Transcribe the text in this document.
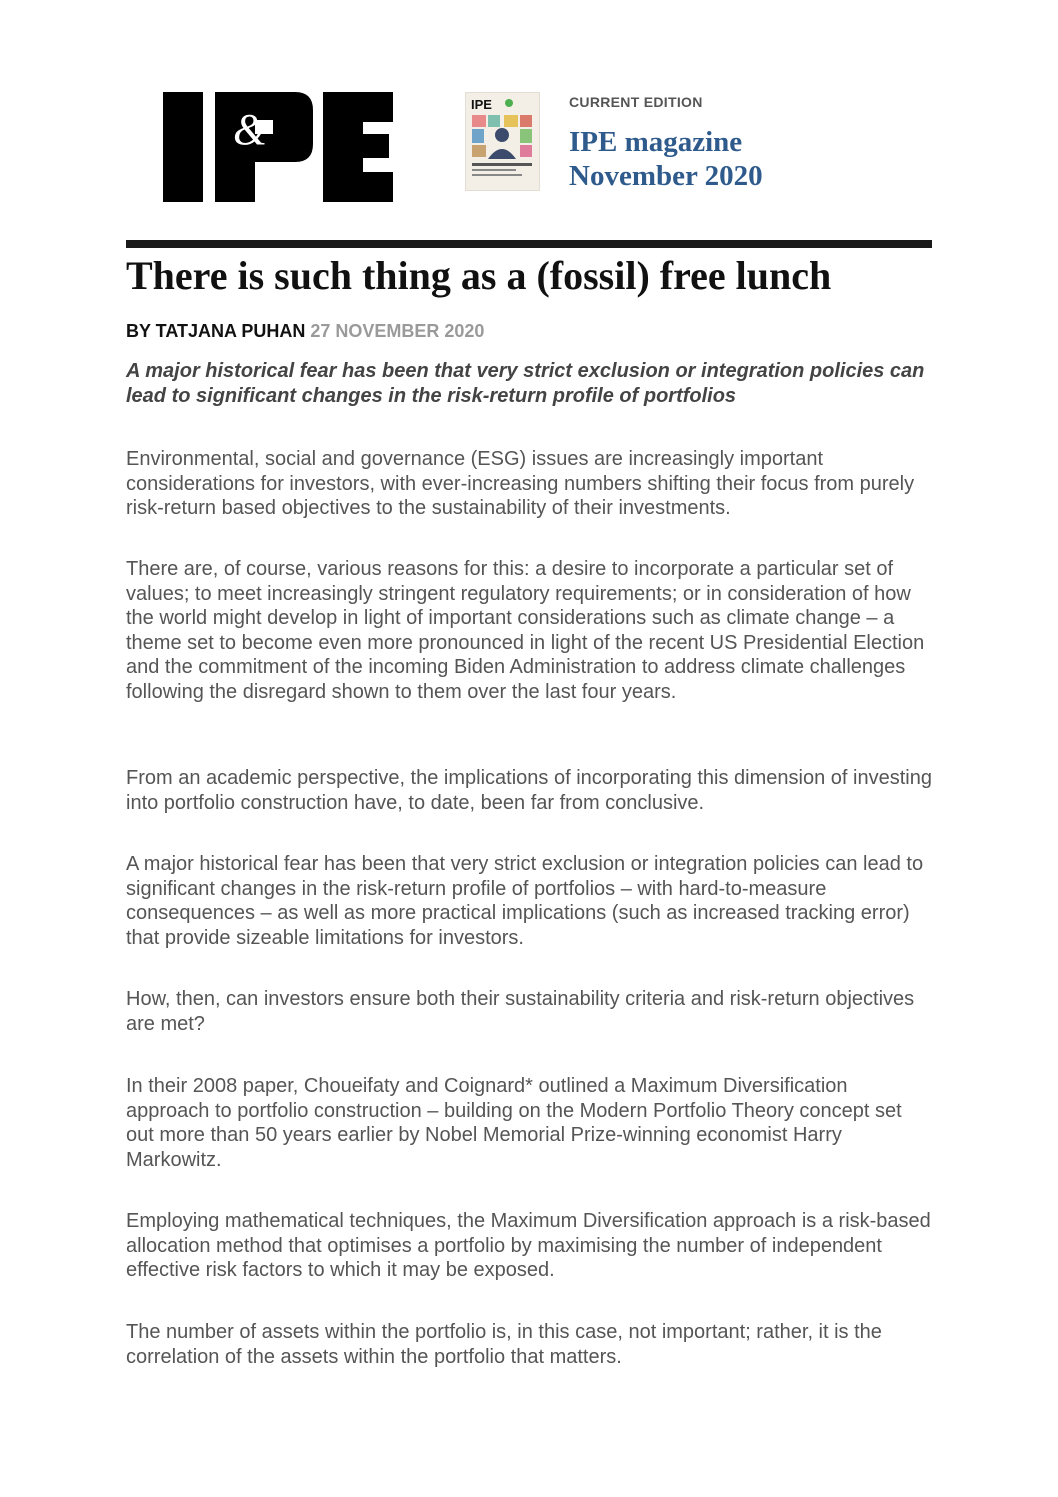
&
IPE	CURRENT EDITION
IPE magazine
November 2020
There is such thing as a (fossil) free lunch
BY TATJANA PUHAN 27 NOVEMBER 2020

A major historical fear has been that very strict exclusion or integration policies can lead to significant changes in the risk-return profile of portfolios

Environmental, social and governance (ESG) issues are increasingly important considerations for investors, with ever-increasing numbers shifting their focus from purely risk-return based objectives to the sustainability of their investments.

There are, of course, various reasons for this: a desire to incorporate a particular set of values; to meet increasingly stringent regulatory requirements; or in consideration of how the world might develop in light of important considerations such as climate change – a theme set to become even more pronounced in light of the recent US Presidential Election and the commitment of the incoming Biden Administration to address climate challenges following the disregard shown to them over the last four years.

From an academic perspective, the implications of incorporating this dimension of investing into portfolio construction have, to date, been far from conclusive.

A major historical fear has been that very strict exclusion or integration policies can lead to significant changes in the risk-return profile of portfolios – with hard-to-measure consequences – as well as more practical implications (such as increased tracking error) that provide sizeable limitations for investors.

How, then, can investors ensure both their sustainability criteria and risk-return objectives are met?

In their 2008 paper, Choueifaty and Coignard* outlined a Maximum Diversification approach to portfolio construction – building on the Modern Portfolio Theory concept set out more than 50 years earlier by Nobel Memorial Prize-winning economist Harry Markowitz.

Employing mathematical techniques, the Maximum Diversification approach is a risk-based allocation method that optimises a portfolio by maximising the number of independent effective risk factors to which it may be exposed.

The number of assets within the portfolio is, in this case, not important; rather, it is the correlation of the assets within the portfolio that matters.
